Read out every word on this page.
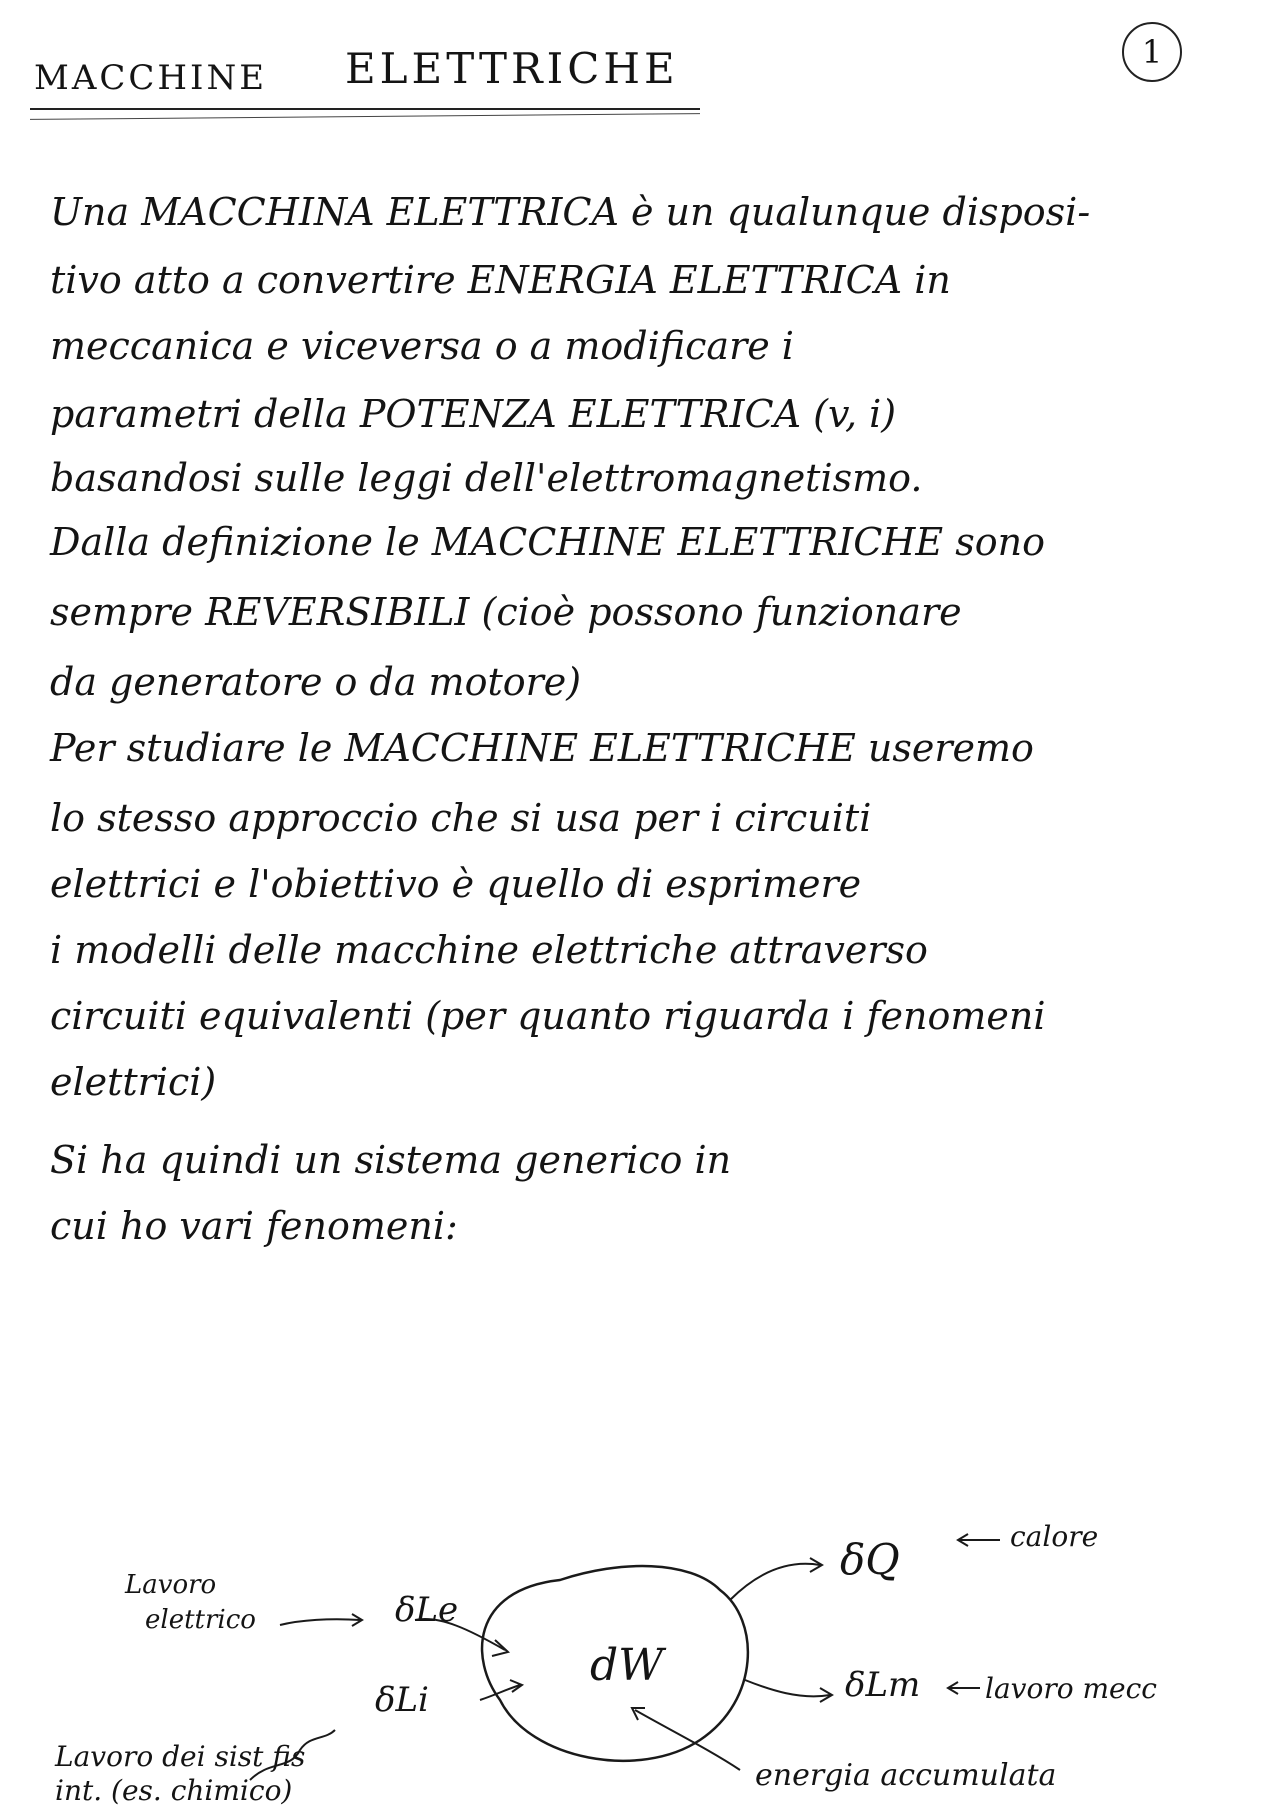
MACCHINE ELETTRICHE	1
Una MACCHINA ELETTRICA è un qualunque disposi-
tivo atto a convertire ENERGIA ELETTRICA in
meccanica e viceversa o a modificare i
parametri della POTENZA ELETTRICA (v, i)
basandosi sulle leggi dell'elettromagnetismo.
Dalla definizione le MACCHINE ELETTRICHE sono
sempre REVERSIBILI (cioè possono funzionare
da generatore o da motore)
Per studiare le MACCHINE ELETTRICHE useremo
lo stesso approccio che si usa per i circuiti
elettrici e l'obiettivo è quello di esprimere
i modelli delle macchine elettriche attraverso
circuiti equivalenti (per quanto riguarda i fenomeni
elettrici)
Si ha quindi un sistema generico in
cui ho vari fenomeni:
dW
δLe
Lavoro
elettrico
δLi
Lavoro dei sist fis
int. (es. chimico)
δQ	calore
δLm lavoro mecc
energia accumulata
